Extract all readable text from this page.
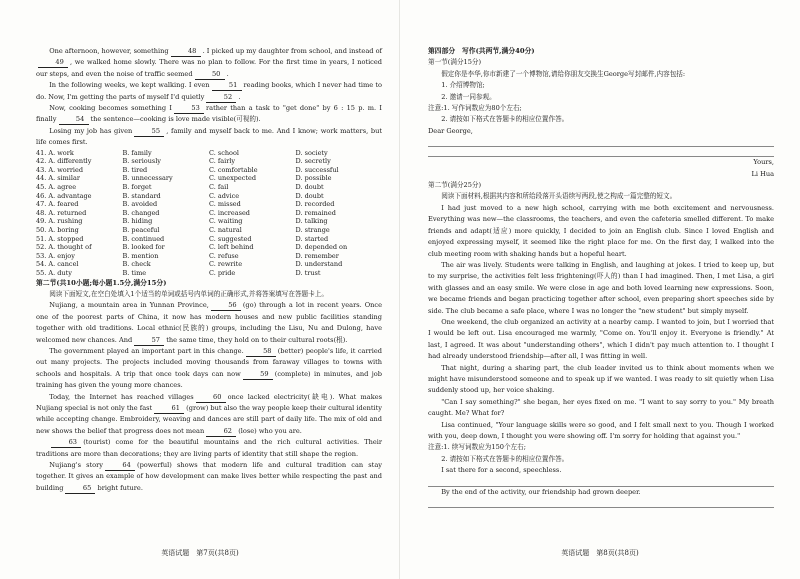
One afternoon, however, something	48 . I picked up my daughter from school, and instead of49 , we walked home slowly. There was no plan to follow. For the first time in years, I noticed our steps, and even the noise of traffic seemed	50 .

In the following weeks, we kept walking. I even	51 reading books, which I never had time to do. Now, I'm getting the parts of myself I'd quietly	52 .

Now, cooking becomes something I	53 rather than a task to "get done" by 6 : 15 p. m. I finally	54 the sentence—cooking is love made visible(可视的).

Losing my job has given	55 , family and myself back to me. And I know; work matters, but life comes first.

41. A. work	B. family	C. school	D. society
42. A. differently	B. seriously	C. fairly	D. secretly
43. A. worried	B. tired	C. comfortable	D. successful
44. A. similar	B. unnecessary	C. unexpected	D. possible
45. A. agree	B. forget	C. fail	D. doubt
46. A. advantage	B. standard	C. advice	D. doubt
47. A. feared	B. avoided	C. missed	D. recorded
48. A. returned	B. changed	C. increased	D. remained
49. A. rushing	B. hiding	C. waiting	D. talking
50. A. boring	B. peaceful	C. natural	D. strange
51. A. stopped	B. continued	C. suggested	D. started
52. A. thought of	B. looked for	C. left behind	D. depended on
53. A. enjoy	B. mention	C. refuse	D. remember
54. A. cancel	B. check	C. rewrite	D. understand
55. A. duty	B. time	C. pride	D. trust

第二节(共10小题;每小题1.5分,满分15分)

阅读下面短文,在空白处填入1个适当的单词或括号内单词的正确形式,并将答案填写在答题卡上。

Nujiang, a mountain area in Yunnan Province,	56 (go) through a lot in recent years. Once one of the poorest parts of China, it now has modern houses and new public facilities standing together with old traditions. Local ethnic(民族的) groups, including the Lisu, Nu and Dulong, have welcomed new chances. And	57 the same time, they hold on to their cultural roots(根).

The government played an important part in this change.	58 (better) people's life, it carried out many projects. The projects included moving thousands from faraway villages to towns with schools and hospitals. A trip that once took days can now	59 (complete) in minutes, and job training has given the young more chances.

Today, the Internet has reached villages	60 once lacked electricity(缺电). What makes Nujiang special is not only the fast	61 (grow) but also the way people keep their cultural identity while accepting change. Embroidery, weaving and dances are still part of daily life. The mix of old and new shows the belief that progress does not mean	62 (lose) who you are.

63 (tourist) come for the beautiful mountains and the rich cultural activities. Their traditions are more than decorations; they are living parts of identity that still shape the region.

Nujiang's story	64 (powerful) shows that modern life and cultural tradition can stay together. It gives an example of how development can make lives better while respecting the past and building	65 bright future.

英语试题　第7页(共8页)

第四部分　写作(共两节,满分40分)

第一节(满分15分)

假定你是李华,你市新建了一个博物馆,请给你朋友交换生George写封邮件,内容包括:

1. 介绍博物馆;

2. 邀请一同参观。

注意:1. 写作词数应为80个左右;

2. 请按如下格式在答题卡的相应位置作答。

Dear George,

Yours,

Li Hua

第二节(满分25分)

阅读下面材料,根据其内容和所给段落开头语续写两段,使之构成一篇完整的短文。

I had just moved to a new high school, carrying with me both excitement and nervousness. Everything was new—the classrooms, the teachers, and even the cafeteria smelled different. To make friends and adapt(适应) more quickly, I decided to join an English club. Since I loved English and enjoyed expressing myself, it seemed like the right place for me. On the first day, I walked into the club meeting room with shaking hands but a hopeful heart.

The air was lively. Students were talking in English, and laughing at jokes. I tried to keep up, but to my surprise, the activities felt less frightening(吓人的) than I had imagined. Then, I met Lisa, a girl with glasses and an easy smile. We were close in age and both loved learning new expressions. Soon, we became friends and began practicing together after school, even preparing short speeches side by side. The club became a safe place, where I was no longer the "new student" but simply myself.

One weekend, the club organized an activity at a nearby camp. I wanted to join, but I worried that I would be left out. Lisa encouraged me warmly, "Come on. You'll enjoy it. Everyone is friendly." At last, I agreed. It was about "understanding others", which I didn't pay much attention to. I thought I had already understood friendship—after all, I was fitting in well.

That night, during a sharing part, the club leader invited us to think about moments when we might have misunderstood someone and to speak up if we wanted. I was ready to sit quietly when Lisa suddenly stood up, her voice shaking.

"Can I say something?" she began, her eyes fixed on me. "I want to say sorry to you." My breath caught. Me? What for?

Lisa continued, "Your language skills were so good, and I felt small next to you. Though I worked with you, deep down, I thought you were showing off. I'm sorry for holding that against you."

注意:1. 续写词数应为150个左右;

2. 请按如下格式在答题卡的相应位置作答。

I sat there for a second, speechless.

By the end of the activity, our friendship had grown deeper.

英语试题　第8页(共8页)
